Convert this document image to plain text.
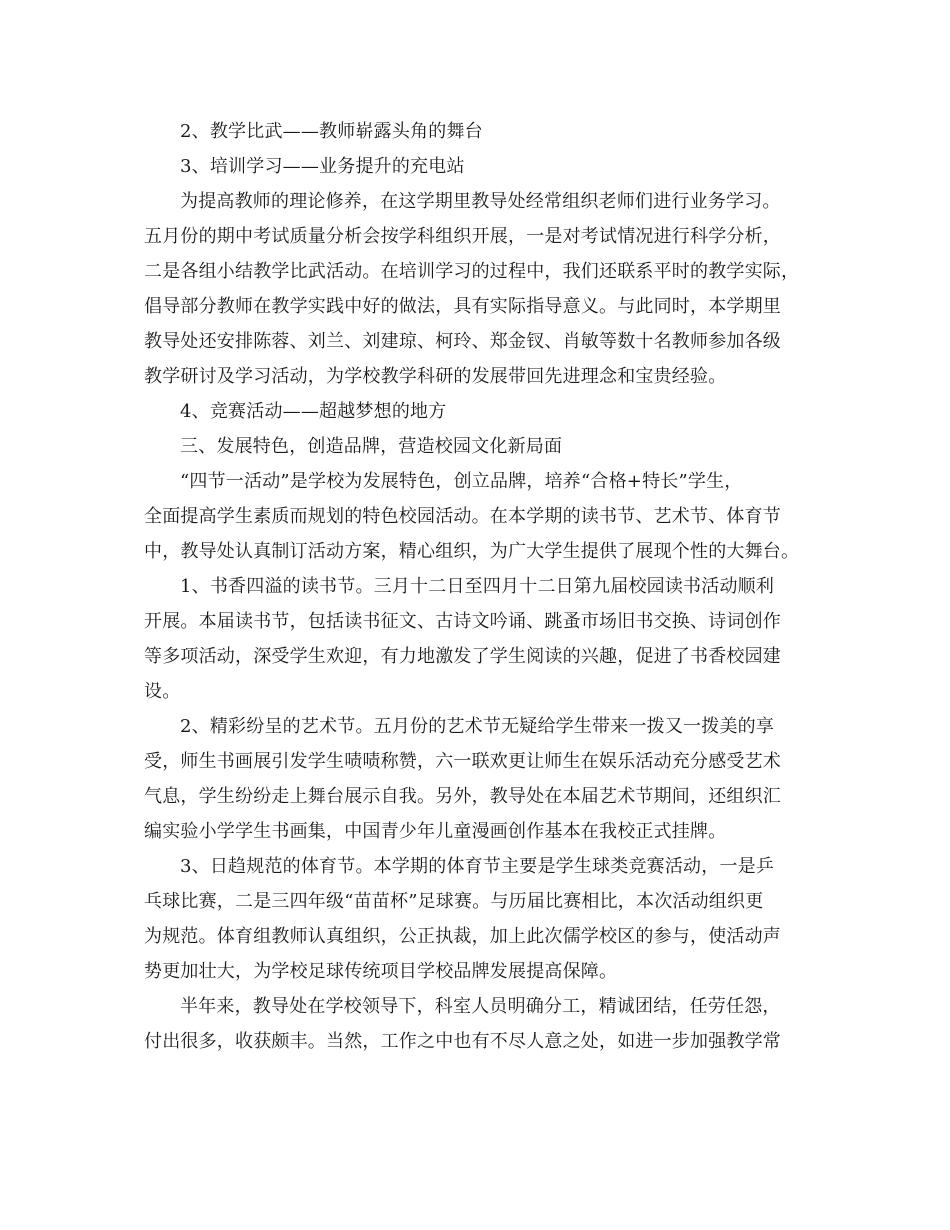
2、教学比武——教师崭露头角的舞台
3、培训学习——业务提升的充电站
为提高教师的理论修养，在这学期里教导处经常组织老师们进行业务学习。
五月份的期中考试质量分析会按学科组织开展，一是对考试情况进行科学分析，
二是各组小结教学比武活动。在培训学习的过程中，我们还联系平时的教学实际，
倡导部分教师在教学实践中好的做法，具有实际指导意义。与此同时，本学期里
教导处还安排陈蓉、刘兰、刘建琼、柯玲、郑金钗、肖敏等数十名教师参加各级
教学研讨及学习活动，为学校教学科研的发展带回先进理念和宝贵经验。
4、竞赛活动——超越梦想的地方
三、发展特色，创造品牌，营造校园文化新局面
“四节一活动”是学校为发展特色，创立品牌，培养“合格+特长”学生，
全面提高学生素质而规划的特色校园活动。在本学期的读书节、艺术节、体育节
中，教导处认真制订活动方案，精心组织，为广大学生提供了展现个性的大舞台。
1、书香四溢的读书节。三月十二日至四月十二日第九届校园读书活动顺利
开展。本届读书节，包括读书征文、古诗文吟诵、跳蚤市场旧书交换、诗词创作
等多项活动，深受学生欢迎，有力地激发了学生阅读的兴趣，促进了书香校园建
设。
2、精彩纷呈的艺术节。五月份的艺术节无疑给学生带来一拨又一拨美的享
受，师生书画展引发学生啧啧称赞，六一联欢更让师生在娱乐活动充分感受艺术
气息，学生纷纷走上舞台展示自我。另外，教导处在本届艺术节期间，还组织汇
编实验小学学生书画集，中国青少年儿童漫画创作基本在我校正式挂牌。
3、日趋规范的体育节。本学期的体育节主要是学生球类竞赛活动，一是乒
乓球比赛，二是三四年级“苗苗杯”足球赛。与历届比赛相比，本次活动组织更
为规范。体育组教师认真组织，公正执裁，加上此次儒学校区的参与，使活动声
势更加壮大，为学校足球传统项目学校品牌发展提高保障。
半年来，教导处在学校领导下，科室人员明确分工，精诚团结，任劳任怨，
付出很多，收获颇丰。当然，工作之中也有不尽人意之处，如进一步加强教学常
